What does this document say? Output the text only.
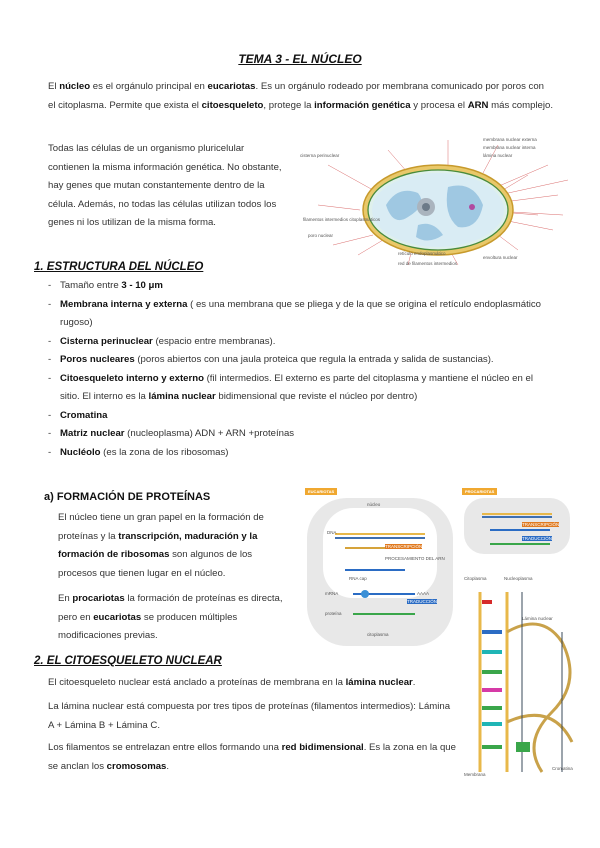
TEMA 3 - EL NÚCLEO
El núcleo es el orgánulo principal en eucariotas. Es un orgánulo rodeado por membrana comunicado por poros con el citoplasma. Permite que exista el citoesqueleto, protege la información genética y procesa el ARN más complejo.
Todas las células de un organismo pluricelular contienen la misma información genética. No obstante, hay genes que mutan constantemente dentro de la célula. Además, no todas las células utilizan todos los genes ni los utilizan de la misma forma.
cisterna perinuclear
membrana nuclear externa
membrana nuclear interna
lámina nuclear
poro nuclear
filamentos intermedios citoplasmáticos
envoltura nuclear
retículo endoplasmático
red de filamentos intermedios
1. ESTRUCTURA DEL NÚCLEO
- Tamaño entre 3 - 10 μm
- Membrana interna y externa ( es una membrana que se pliega y de la que se origina el retículo endoplasmático rugoso)
- Cisterna perinuclear (espacio entre membranas).
- Poros nucleares (poros abiertos con una jaula proteica que regula la entrada y salida de sustancias).
- Citoesqueleto interno y externo (fil intermedios. El externo es parte del citoplasma y mantiene el núcleo en el sitio. El interno es la lámina nuclear bidimensional que reviste el núcleo por dentro)
- Cromatina
- Matriz nuclear (nucleoplasma) ADN + ARN +proteínas
- Nucléolo (es la zona de los ribosomas)
a) FORMACIÓN DE PROTEÍNAS
El núcleo tiene un gran papel en la formación de proteínas y la transcripción, maduración y la formación de ribosomas son algunos de los procesos que tienen lugar en el núcleo.
En procariotas la formación de proteínas es directa, pero en eucariotas se producen múltiples modificaciones previas.
EUCARIOTAS
núcleo
DNA
TRANSCRIPCIÓN
PROCESAMIENTO DEL ARN
RNA cap
mRNA	AAAA
TRADUCCIÓN
proteína
citoplasma
PROCARIOTAS
TRANSCRIPCIÓN
TRADUCCIÓN
Citoplasma	Nucleoplasma
Lámina nuclear
Membrana
Cromatina
2. EL CITOESQUELETO NUCLEAR
El citoesqueleto nuclear está anclado a proteínas de membrana en la lámina nuclear.
La lámina nuclear está compuesta por tres tipos de proteínas (filamentos intermedios): Lámina A + Lámina B + Lámina C.
Los filamentos se entrelazan entre ellos formando una red bidimensional. Es la zona en la que se anclan los cromosomas.
